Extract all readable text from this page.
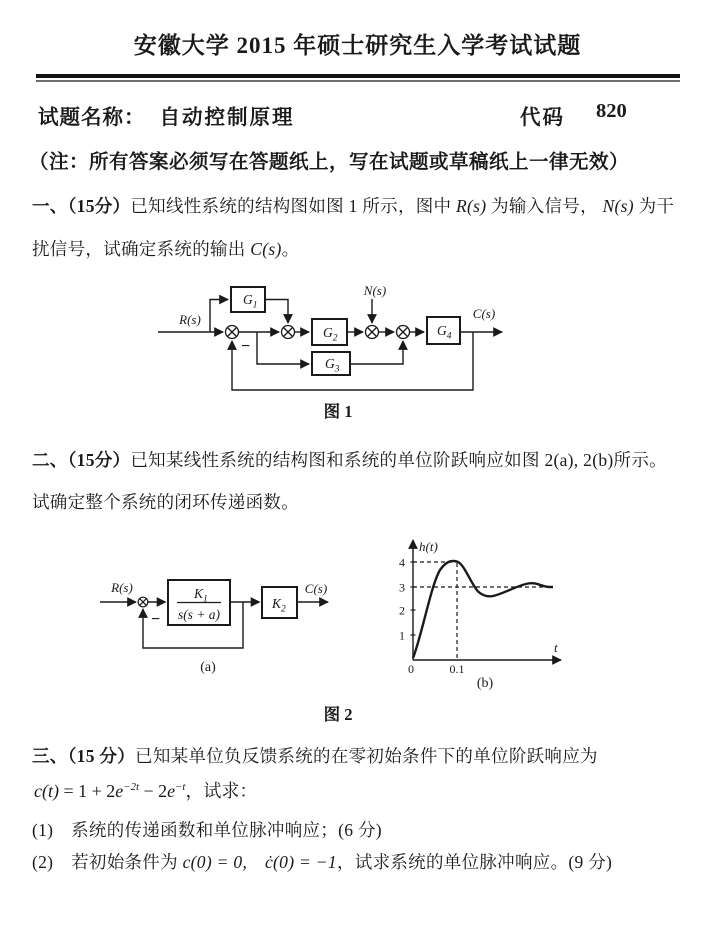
安徽大学 2015 年硕士研究生入学考试试题
试题名称： 自动控制原理	代码 820
（注：所有答案必须写在答题纸上，写在试题或草稿纸上一律无效）
一、（15分）已知线性系统的结构图如图 1 所示，图中 R(s) 为输入信号， N(s) 为干
扰信号，试确定系统的输出 C(s)。
R(s)
$G_1$
$G_2$
N(s)
$G_3$
$G_4$
C(s)
−
图 1
二、（15分）已知某线性系统的结构图和系统的单位阶跃响应如图 2(a), 2(b)所示。
试确定整个系统的闭环传递函数。
R(s)	$K_1$
s(s + a)
$K_2$
C(s)
−
(a)
h(t)
t
4
3
2
1
0	0.1
(b)
图 2
三、（15 分）已知某单位负反馈系统的在零初始条件下的单位阶跃响应为
$c(t) = 1 + 2e^{-2t} - 2e^{-t}$，试求：
(1)　系统的传递函数和单位脉冲响应；(6 分)
(2)　若初始条件为 c(0) = 0,　 ċ(0) = −1，试求系统的单位脉冲响应。(9 分)
